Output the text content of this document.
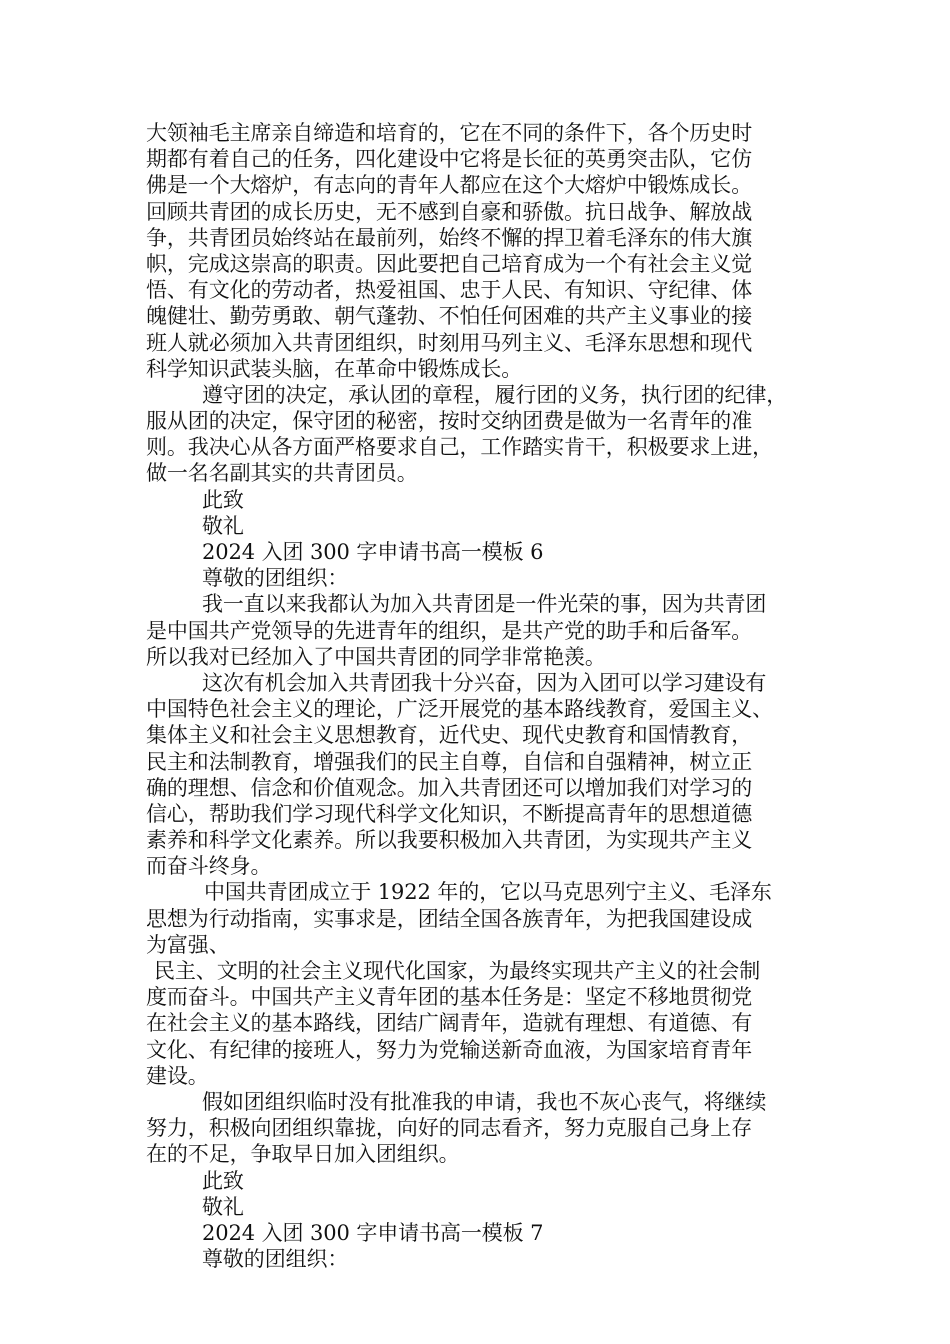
大领袖毛主席亲自缔造和培育的，它在不同的条件下，各个历史时
期都有着自己的任务，四化建设中它将是长征的英勇突击队，它仿
佛是一个大熔炉，有志向的青年人都应在这个大熔炉中锻炼成长。
回顾共青团的成长历史，无不感到自豪和骄傲。抗日战争、解放战
争，共青团员始终站在最前列，始终不懈的捍卫着毛泽东的伟大旗
帜，完成这崇高的职责。因此要把自己培育成为一个有社会主义觉
悟、有文化的劳动者，热爱祖国、忠于人民、有知识、守纪律、体
魄健壮、勤劳勇敢、朝气蓬勃、不怕任何困难的共产主义事业的接
班人就必须加入共青团组织，时刻用马列主义、毛泽东思想和现代
科学知识武装头脑，在革命中锻炼成长。
遵守团的决定，承认团的章程，履行团的义务，执行团的纪律，
服从团的决定，保守团的秘密，按时交纳团费是做为一名青年的准
则。我决心从各方面严格要求自己，工作踏实肯干，积极要求上进，
做一名名副其实的共青团员。
此致
敬礼
2024 入团 300 字申请书高一模板 6
尊敬的团组织：
我一直以来我都认为加入共青团是一件光荣的事，因为共青团
是中国共产党领导的先进青年的组织，是共产党的助手和后备军。
所以我对已经加入了中国共青团的同学非常艳羡。
这次有机会加入共青团我十分兴奋，因为入团可以学习建设有
中国特色社会主义的理论，广泛开展党的基本路线教育，爱国主义、
集体主义和社会主义思想教育，近代史、现代史教育和国情教育，
民主和法制教育，增强我们的民主自尊，自信和自强精神，树立正
确的理想、信念和价值观念。加入共青团还可以增加我们对学习的
信心，帮助我们学习现代科学文化知识，不断提高青年的思想道德
素养和科学文化素养。所以我要积极加入共青团，为实现共产主义
而奋斗终身。
中国共青团成立于 1922 年的，它以马克思列宁主义、毛泽东
思想为行动指南，实事求是，团结全国各族青年，为把我国建设成
为富强、
民主、文明的社会主义现代化国家，为最终实现共产主义的社会制
度而奋斗。中国共产主义青年团的基本任务是：坚定不移地贯彻党
在社会主义的基本路线，团结广阔青年，造就有理想、有道德、有
文化、有纪律的接班人，努力为党输送新奇血液，为国家培育青年
建设。
假如团组织临时没有批准我的申请，我也不灰心丧气，将继续
努力，积极向团组织靠拢，向好的同志看齐，努力克服自己身上存
在的不足，争取早日加入团组织。
此致
敬礼
2024 入团 300 字申请书高一模板 7
尊敬的团组织：
